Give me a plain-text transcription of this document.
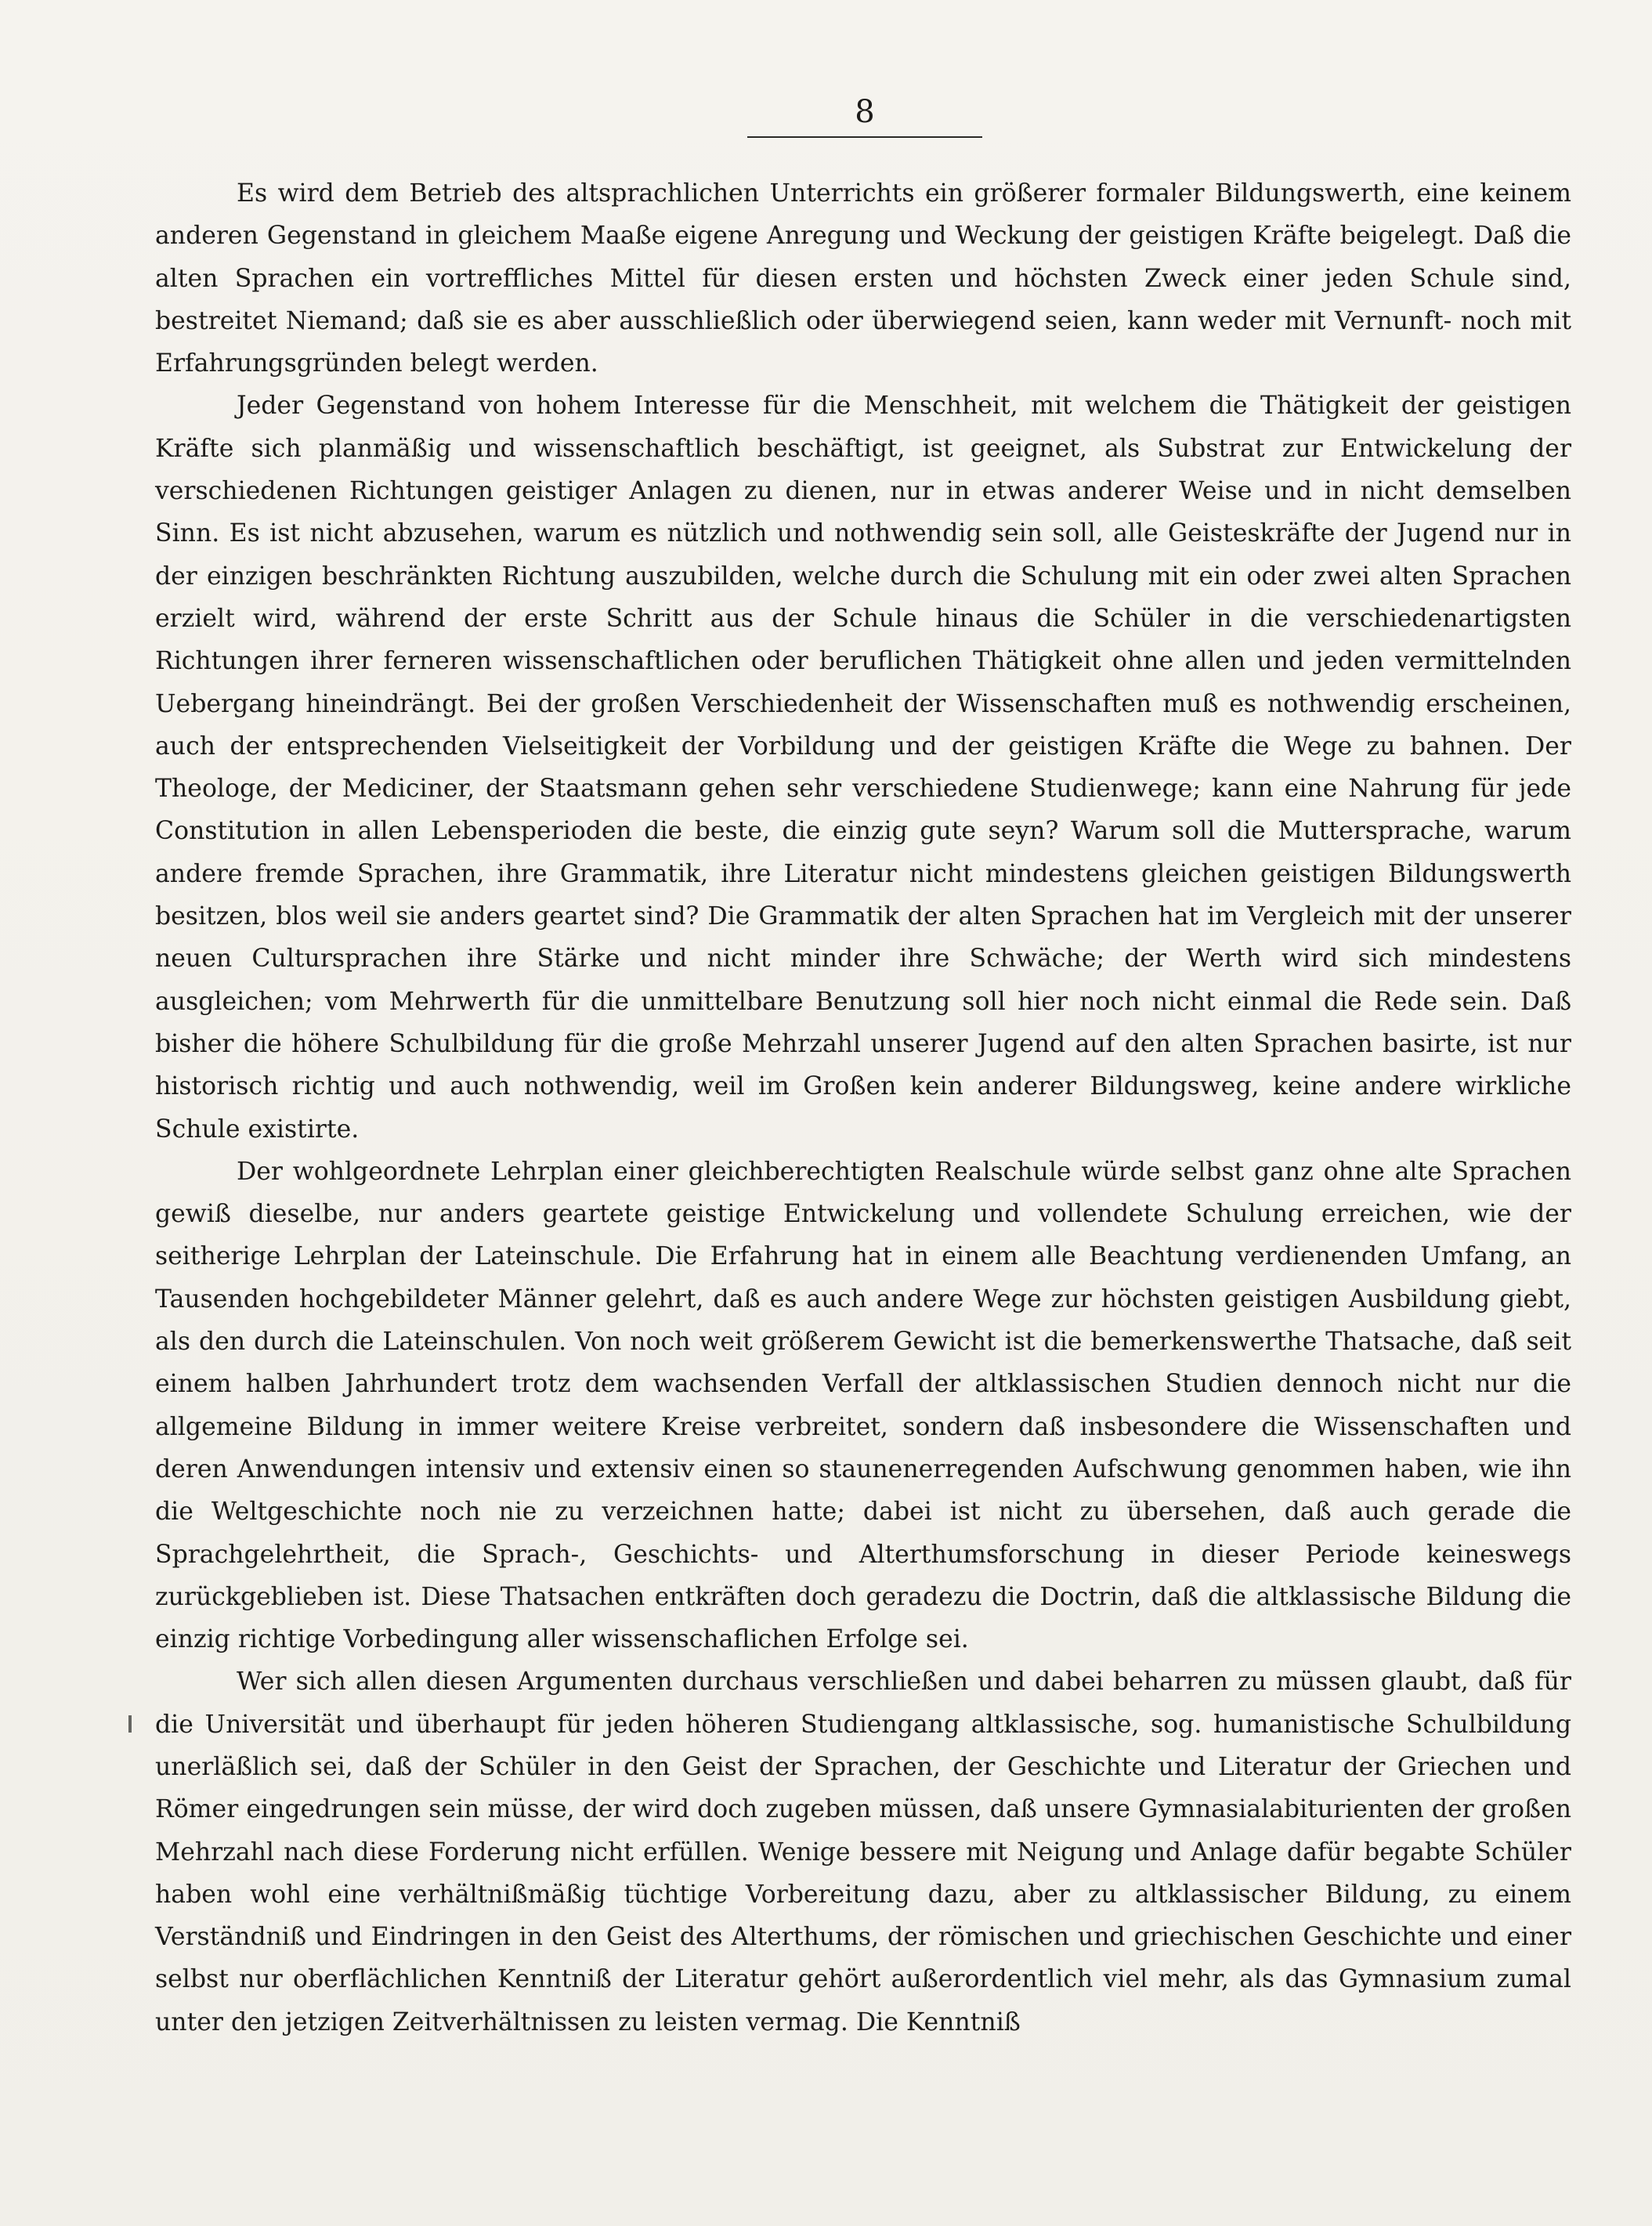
8

Es wird dem Betrieb des altsprachlichen Unterrichts ein größerer formaler Bildungswerth, eine keinem anderen Gegenstand in gleichem Maaße eigene Anregung und Weckung der geistigen Kräfte beigelegt. Daß die alten Sprachen ein vortreffliches Mittel für diesen ersten und höchsten Zweck einer jeden Schule sind, bestreitet Niemand; daß sie es aber ausschließlich oder überwiegend seien, kann weder mit Vernunft- noch mit Erfahrungsgründen belegt werden.

Jeder Gegenstand von hohem Interesse für die Menschheit, mit welchem die Thätigkeit der geistigen Kräfte sich planmäßig und wissenschaftlich beschäftigt, ist geeignet, als Substrat zur Entwickelung der verschiedenen Richtungen geistiger Anlagen zu dienen, nur in etwas anderer Weise und in nicht demselben Sinn. Es ist nicht abzusehen, warum es nützlich und nothwendig sein soll, alle Geisteskräfte der Jugend nur in der einzigen beschränkten Richtung auszubilden, welche durch die Schulung mit ein oder zwei alten Sprachen erzielt wird, während der erste Schritt aus der Schule hinaus die Schüler in die verschiedenartigsten Richtungen ihrer ferneren wissenschaftlichen oder beruflichen Thätigkeit ohne allen und jeden vermittelnden Uebergang hineindrängt. Bei der großen Verschiedenheit der Wissenschaften muß es nothwendig erscheinen, auch der entsprechenden Vielseitigkeit der Vorbildung und der geistigen Kräfte die Wege zu bahnen. Der Theologe, der Mediciner, der Staatsmann gehen sehr verschiedene Studienwege; kann eine Nahrung für jede Constitution in allen Lebensperioden die beste, die einzig gute seyn? Warum soll die Muttersprache, warum andere fremde Sprachen, ihre Grammatik, ihre Literatur nicht mindestens gleichen geistigen Bildungswerth besitzen, blos weil sie anders geartet sind? Die Grammatik der alten Sprachen hat im Vergleich mit der unserer neuen Cultursprachen ihre Stärke und nicht minder ihre Schwäche; der Werth wird sich mindestens ausgleichen; vom Mehrwerth für die unmittelbare Benutzung soll hier noch nicht einmal die Rede sein. Daß bisher die höhere Schulbildung für die große Mehrzahl unserer Jugend auf den alten Sprachen basirte, ist nur historisch richtig und auch nothwendig, weil im Großen kein anderer Bildungsweg, keine andere wirkliche Schule existirte.

Der wohlgeordnete Lehrplan einer gleichberechtigten Realschule würde selbst ganz ohne alte Sprachen gewiß dieselbe, nur anders geartete geistige Entwickelung und vollendete Schulung erreichen, wie der seitherige Lehrplan der Lateinschule. Die Erfahrung hat in einem alle Beachtung verdienenden Umfang, an Tausenden hochgebildeter Männer gelehrt, daß es auch andere Wege zur höchsten geistigen Ausbildung giebt, als den durch die Lateinschulen. Von noch weit größerem Gewicht ist die bemerkenswerthe Thatsache, daß seit einem halben Jahrhundert trotz dem wachsenden Verfall der altklassischen Studien dennoch nicht nur die allgemeine Bildung in immer weitere Kreise verbreitet, sondern daß insbesondere die Wissenschaften und deren Anwendungen intensiv und extensiv einen so staunenerregenden Aufschwung genommen haben, wie ihn die Weltgeschichte noch nie zu verzeichnen hatte; dabei ist nicht zu übersehen, daß auch gerade die Sprachgelehrtheit, die Sprach-, Geschichts- und Alterthumsforschung in dieser Periode keineswegs zurückgeblieben ist. Diese Thatsachen entkräften doch geradezu die Doctrin, daß die altklassische Bildung die einzig richtige Vorbedingung aller wissenschaflichen Erfolge sei.

Wer sich allen diesen Argumenten durchaus verschließen und dabei beharren zu müssen glaubt, daß für die Universität und überhaupt für jeden höheren Studiengang altklassische, sog. humanistische Schulbildung unerläßlich sei, daß der Schüler in den Geist der Sprachen, der Geschichte und Literatur der Griechen und Römer eingedrungen sein müsse, der wird doch zugeben müssen, daß unsere Gymnasialabiturienten der großen Mehrzahl nach diese Forderung nicht erfüllen. Wenige bessere mit Neigung und Anlage dafür begabte Schüler haben wohl eine verhältnißmäßig tüchtige Vorbereitung dazu, aber zu altklassischer Bildung, zu einem Verständniß und Eindringen in den Geist des Alterthums, der römischen und griechischen Geschichte und einer selbst nur oberflächlichen Kenntniß der Literatur gehört außerordentlich viel mehr, als das Gymnasium zumal unter den jetzigen Zeitverhältnissen zu leisten vermag. Die Kenntniß
